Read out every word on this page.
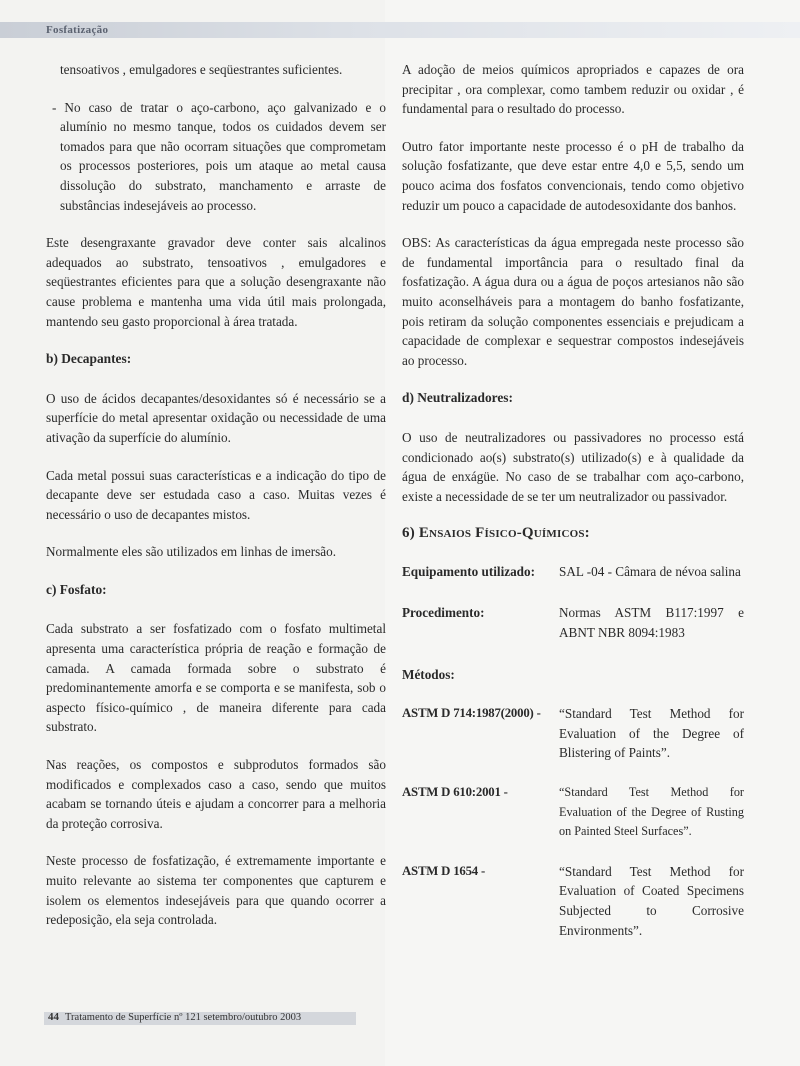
Fosfatização

tensoativos , emulgadores e seqüestrantes suficientes.

- No caso de tratar o aço-carbono, aço galvanizado e o alumínio no mesmo tanque, todos os cuidados devem ser tomados para que não ocorram situações que comprometam os processos posteriores, pois um ataque ao metal causa dissolução do substrato, manchamento e arraste de substâncias indesejáveis ao processo.

Este desengraxante gravador deve conter sais alcalinos adequados ao substrato, tensoativos , emulgadores e seqüestrantes eficientes para que a solução desengraxante não cause problema e mantenha uma vida útil mais prolongada, mantendo seu gasto proporcional à área tratada.

b) Decapantes:

O uso de ácidos decapantes/desoxidantes só é necessário se a superfície do metal apresentar oxidação ou necessidade de uma ativação da superfície do alumínio.

Cada metal possui suas características e a indicação do tipo de decapante deve ser estudada caso a caso. Muitas vezes é necessário o uso de decapantes mistos.

Normalmente eles são utilizados em linhas de imersão.

c) Fosfato:

Cada substrato a ser fosfatizado com o fosfato multimetal apresenta uma característica própria de reação e formação de camada. A camada formada sobre o substrato é predominantemente amorfa e se comporta e se manifesta, sob o aspecto físico-químico , de maneira diferente para cada substrato.

Nas reações, os compostos e subprodutos formados são modificados e complexados caso a caso, sendo que muitos acabam se tornando úteis e ajudam a concorrer para a melhoria da proteção corrosiva.

Neste processo de fosfatização, é extremamente importante e muito relevante ao sistema ter componentes que capturem e isolem os elementos indesejáveis para que quando ocorrer a redeposição, ela seja controlada.

A adoção de meios químicos apropriados e capazes de ora precipitar , ora complexar, como tambem reduzir ou oxidar , é fundamental para o resultado do processo.

Outro fator importante neste processo é o pH de trabalho da solução fosfatizante, que deve estar entre 4,0 e 5,5, sendo um pouco acima dos fosfatos convencionais, tendo como objetivo reduzir um pouco a capacidade de autodesoxidante dos banhos.

OBS: As características da água empregada neste processo são de fundamental importância para o resultado final da fosfatização. A água dura ou a água de poços artesianos não são muito aconselháveis para a montagem do banho fosfatizante, pois retiram da solução componentes essenciais e prejudicam a capacidade de complexar e sequestrar compostos indesejáveis ao processo.

d) Neutralizadores:

O uso de neutralizadores ou passivadores no processo está condicionado ao(s) substrato(s) utilizado(s) e à qualidade da água de enxágüe. No caso de se trabalhar com aço-carbono, existe a necessidade de se ter um neutralizador ou passivador.

6) Ensaios Físico-Químicos:
Equipamento utilizado:	SAL -04 - Câmara de névoa salina
Procedimento:	Normas ASTM B117:1997 e ABNT NBR 8094:1983
Métodos:
ASTM D 714:1987(2000) -	“Standard Test Method for Evaluation of the Degree of Blistering of Paints”.
ASTM D 610:2001 -	“Standard Test Method for Evaluation of the Degree of Rusting on Painted Steel Surfaces”.
ASTM D 1654 -	“Standard Test Method for Evaluation of Coated Specimens Subjected to Corrosive Environments”.
44 Tratamento de Superfície nº 121 setembro/outubro 2003
